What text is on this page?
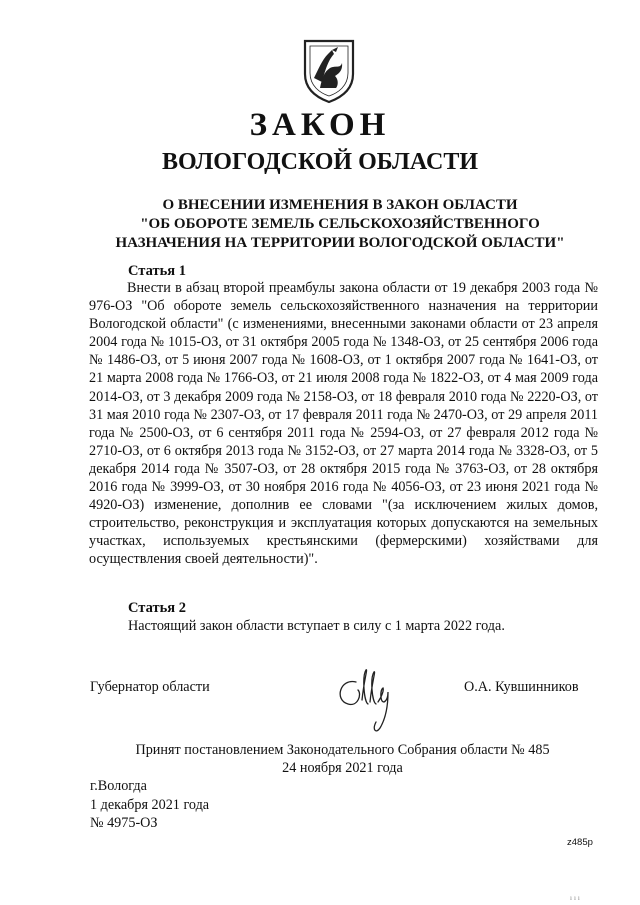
ЗАКОН
ВОЛОГОДСКОЙ ОБЛАСТИ
О ВНЕСЕНИИ ИЗМЕНЕНИЯ В ЗАКОН ОБЛАСТИ
"ОБ ОБОРОТЕ ЗЕМЕЛЬ СЕЛЬСКОХОЗЯЙСТВЕННОГО
НАЗНАЧЕНИЯ НА ТЕРРИТОРИИ ВОЛОГОДСКОЙ ОБЛАСТИ"
Статья 1
Внести в абзац второй преамбулы закона области от 19 декабря 2003 года № 976-ОЗ "Об обороте земель сельскохозяйственного назначения на территории Вологодской области" (с изменениями, внесенными законами области от 23 апреля 2004 года № 1015-ОЗ, от 31 октября 2005 года № 1348-ОЗ, от 25 сентября 2006 года № 1486-ОЗ, от 5 июня 2007 года № 1608-ОЗ, от 1 октября 2007 года № 1641-ОЗ, от 21 марта 2008 года № 1766-ОЗ, от 21 июля 2008 года № 1822-ОЗ, от 4 мая 2009 года 2014-ОЗ, от 3 декабря 2009 года № 2158-ОЗ, от 18 февраля 2010 года № 2220-ОЗ, от 31 мая 2010 года № 2307-ОЗ, от 17 февраля 2011 года № 2470-ОЗ, от 29 апреля 2011 года № 2500-ОЗ, от 6 сентября 2011 года № 2594-ОЗ, от 27 февраля 2012 года № 2710-ОЗ, от 6 октября 2013 года № 3152-ОЗ, от 27 марта 2014 года № 3328-ОЗ, от 5 декабря 2014 года № 3507-ОЗ, от 28 октября 2015 года № 3763-ОЗ, от 28 октября 2016 года № 3999-ОЗ, от 30 ноября 2016 года № 4056-ОЗ, от 23 июня 2021 года № 4920-ОЗ) изменение, дополнив ее словами "(за исключением жилых домов, строительство, реконструкция и эксплуатация которых допускаются на земельных участках, используемых крестьянскими (фермерскими) хозяйствами для осуществления своей деятельности)".
Статья 2
Настоящий закон области вступает в силу с 1 марта 2022 года.
Губернатор области	О.А. Кувшинников
Принят постановлением Законодательного Собрания области № 485
24 ноября 2021 года
г.Вологда
1 декабря 2021 года
№ 4975-ОЗ
z485p
ııı
